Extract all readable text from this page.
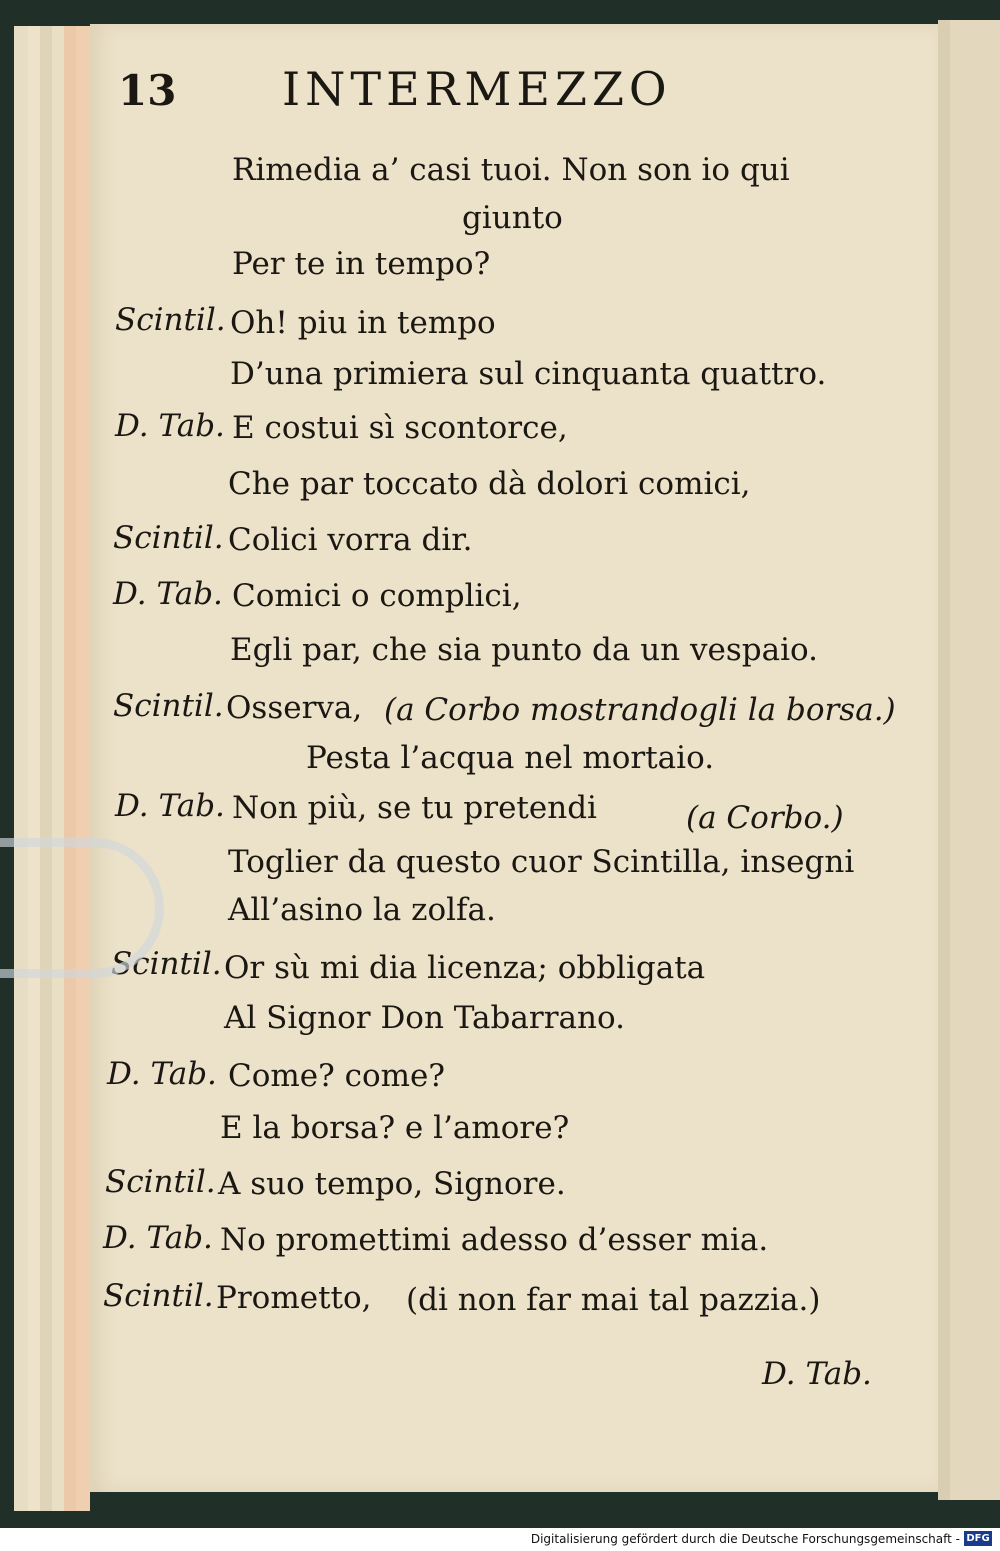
13 INTERMEZZO
Rimedia a’ casi tuoi. Non son io qui
giunto
Per te in tempo?
Scintil. Oh! piu in tempo
D’una primiera sul cinquanta quattro.
D. Tab. E costui sì scontorce,
Che par toccato dà dolori comici,
Scintil. Colici vorra dir.
D. Tab. Comici o complici,
Egli par, che sia punto da un vespaio.
Scintil. Osserva, (a Corbo mostrandogli la borsa.)
Pesta l’acqua nel mortaio.
D. Tab. Non più, se tu pretendi	(a Corbo.)
Toglier da questo cuor Scintilla, insegni
All’asino la zolfa.
Scintil. Or sù mi dia licenza; obbligata
Al Signor Don Tabarrano.
D. Tab. Come? come?
E la borsa? e l’amore?
Scintil. A suo tempo, Signore.
D. Tab. No promettimi adesso d’esser mia.
Scintil. Prometto, (di non far mai tal pazzia.)
D. Tab.
Digitalisierung gefördert durch die Deutsche Forschungsgemeinschaft - DFG
